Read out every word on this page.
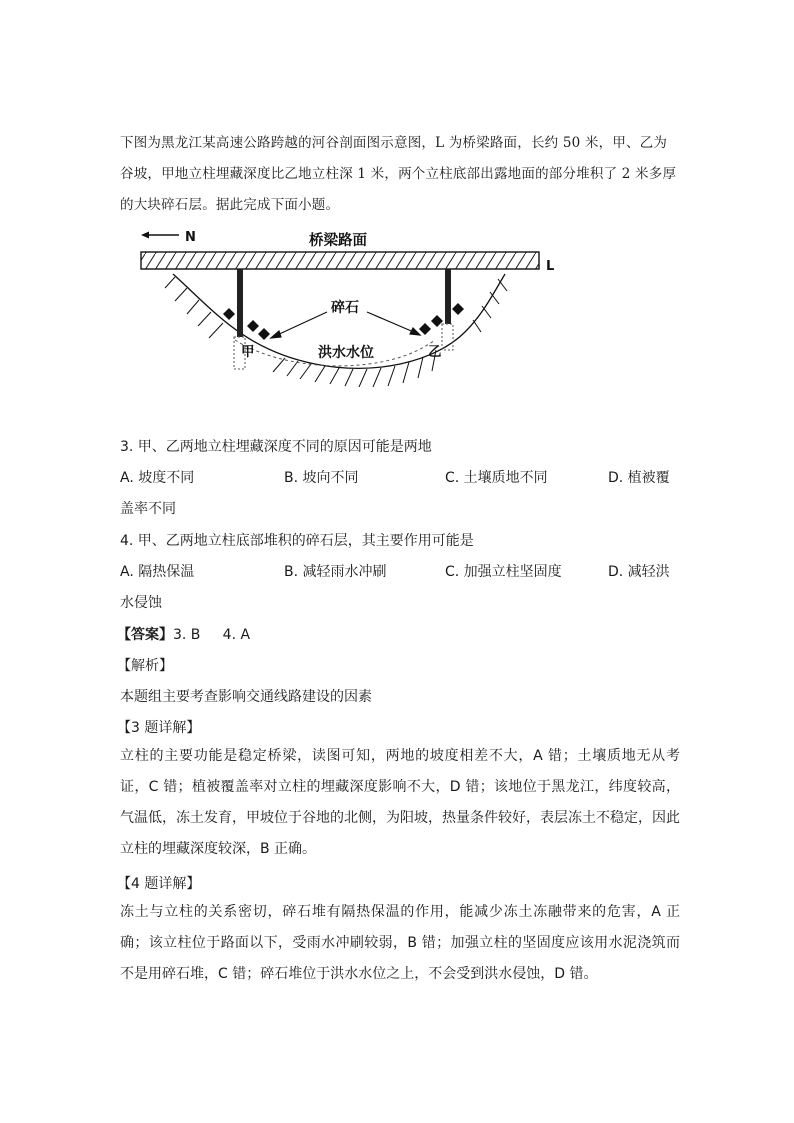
下图为黑龙江某高速公路跨越的河谷剖面图示意图，L 为桥梁路面，长约 50 米，甲、乙为

谷坡，甲地立柱埋藏深度比乙地立柱深 1 米，两个立柱底部出露地面的部分堆积了 2 米多厚

的大块碎石层。据此完成下面小题。

N	桥梁路面
L
碎石
甲	乙
洪水水位
3. 甲、乙两地立柱埋藏深度不同的原因可能是两地
A. 坡度不同	B. 坡向不同	C. 土壤质地不同	D. 植被覆
盖率不同
4. 甲、乙两地立柱底部堆积的碎石层，其主要作用可能是
A. 隔热保温	B. 减轻雨水冲刷	C. 加强立柱坚固度	D. 减轻洪
水侵蚀
【答案】3. B     4. A
【解析】
本题组主要考查影响交通线路建设的因素
【3 题详解】

立柱的主要功能是稳定桥梁，读图可知，两地的坡度相差不大，A 错；土壤质地无从考证，C 错；植被覆盖率对立柱的埋藏深度影响不大，D 错；该地位于黑龙江，纬度较高，气温低，冻土发育，甲坡位于谷地的北侧，为阳坡，热量条件较好，表层冻土不稳定，因此立柱的埋藏深度较深，B 正确。

【4 题详解】

冻土与立柱的关系密切，碎石堆有隔热保温的作用，能减少冻土冻融带来的危害，A 正确；该立柱位于路面以下，受雨水冲刷较弱，B 错；加强立柱的坚固度应该用水泥浇筑而不是用碎石堆，C 错；碎石堆位于洪水水位之上，不会受到洪水侵蚀，D 错。
